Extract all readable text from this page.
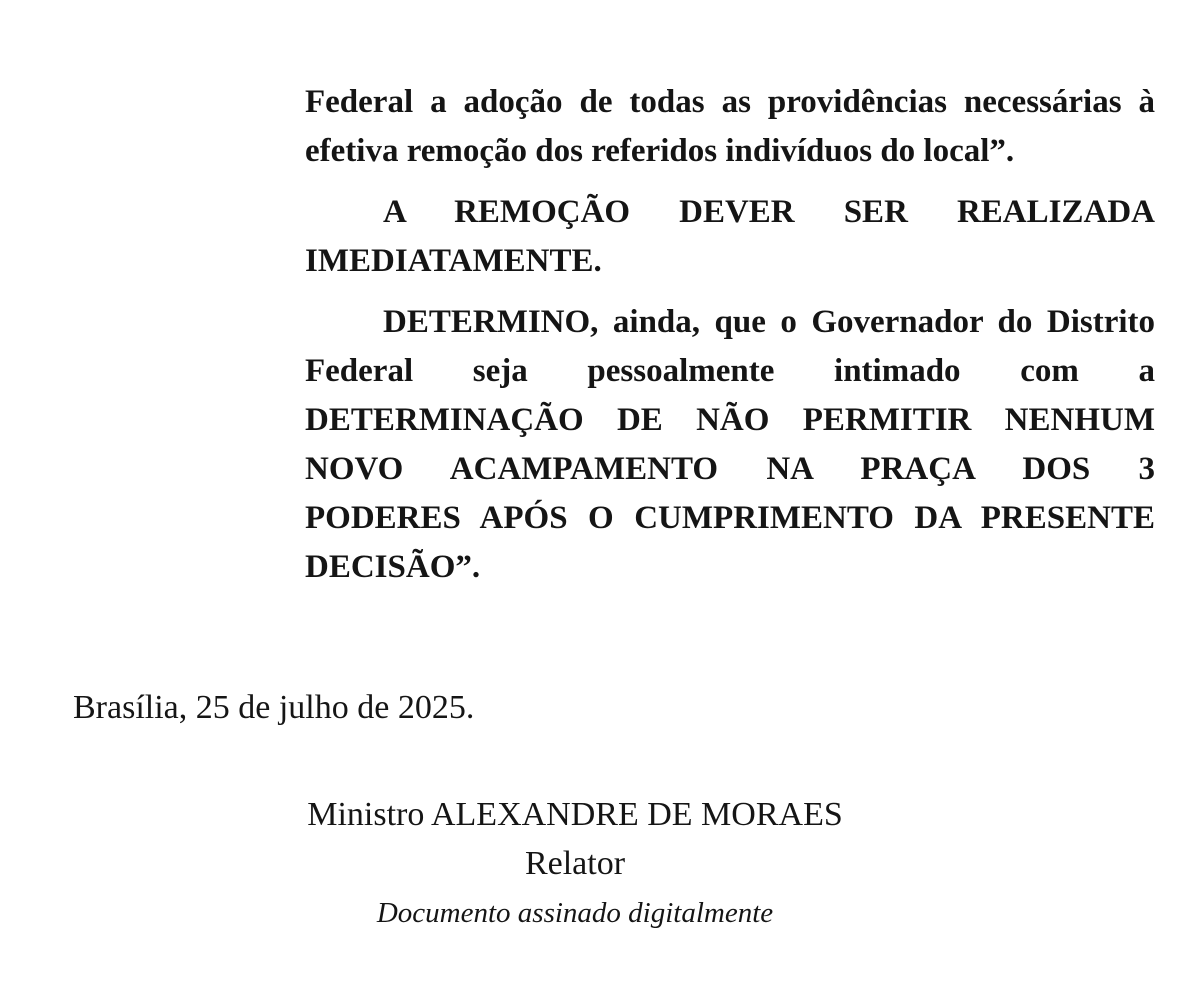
Federal a adoção de todas as providências necessárias à
efetiva remoção dos referidos indivíduos do local”.
A REMOÇÃO DEVER SER REALIZADA
IMEDIATAMENTE.
DETERMINO, ainda, que o Governador do Distrito
Federal seja pessoalmente intimado com a
DETERMINAÇÃO DE NÃO PERMITIR NENHUM
NOVO ACAMPAMENTO NA PRAÇA DOS 3
PODERES APÓS O CUMPRIMENTO DA PRESENTE
DECISÃO”.
Brasília, 25 de julho de 2025.
Ministro ALEXANDRE DE MORAES
Relator
Documento assinado digitalmente
